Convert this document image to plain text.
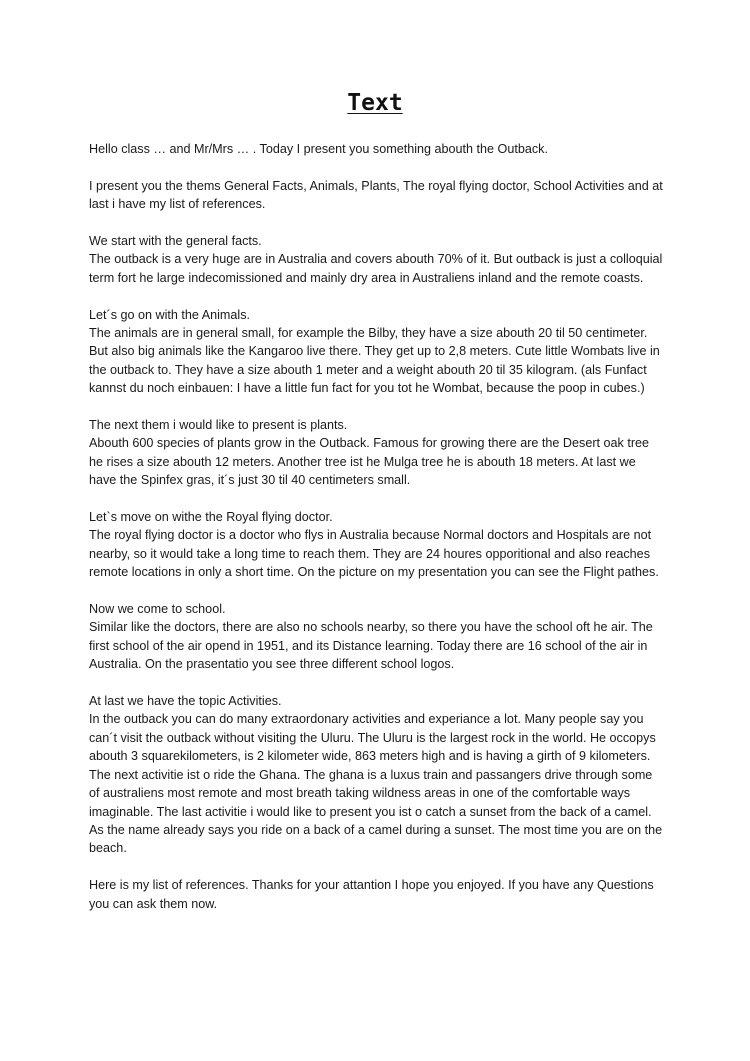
Text

Hello class … and Mr/Mrs … . Today I present you something abouth the Outback.

I present you the thems General Facts, Animals, Plants, The royal flying doctor, School Activities and at last i have my list of references.

We start with the general facts.
The outback is a very huge are in Australia and covers abouth 70% of it. But outback is just a colloquial term fort he large indecomissioned and mainly dry area in Australiens inland and the remote coasts.

Let´s go on with the Animals.
The animals are in general small, for example the Bilby, they have a size abouth 20 til 50 centimeter. But also big animals like the Kangaroo live there. They get up to 2,8 meters. Cute little Wombats live in the outback to. They have a size abouth 1 meter and a weight abouth 20 til 35 kilogram. (als Funfact kannst du noch einbauen: I have a little fun fact for you tot he Wombat, because the poop in cubes.)

The next them i would like to present is plants.
Abouth 600 species of plants grow in the Outback. Famous for growing there are the Desert oak tree he rises a size abouth 12 meters. Another tree ist he Mulga tree he is abouth 18 meters. At last we have the Spinfex gras, it´s just 30 til 40 centimeters small.

Let`s move on withe the Royal flying doctor.
The royal flying doctor is a doctor who flys in Australia because Normal doctors and Hospitals are not nearby, so it would take a long time to reach them. They are 24 houres opporitional and also reaches remote locations in only a short time. On the picture on my presentation you can see the Flight pathes.

Now we come to school.
Similar like the doctors, there are also no schools nearby, so there you have the school oft he air. The first school of the air opend in 1951, and its Distance learning. Today there are 16 school of the air in Australia. On the prasentatio you see three different school logos.

At last we have the topic Activities.
In the outback you can do many extraordonary activities and experiance a lot. Many people say you can´t visit the outback without visiting the Uluru. The Uluru is the largest rock in the world. He occopys abouth 3 squarekilometers, is 2 kilometer wide, 863 meters high and is having a girth of 9 kilometers. The next activitie ist o ride the Ghana. The ghana is a luxus train and passangers drive through some of australiens most remote and most breath taking wildness areas in one of the comfortable ways imaginable. The last activitie i would like to present you ist o catch a sunset from the back of a camel. As the name already says you ride on a back of a camel during a sunset. The most time you are on the beach.

Here is my list of references. Thanks for your attantion I hope you enjoyed. If you have any Questions you can ask them now.
